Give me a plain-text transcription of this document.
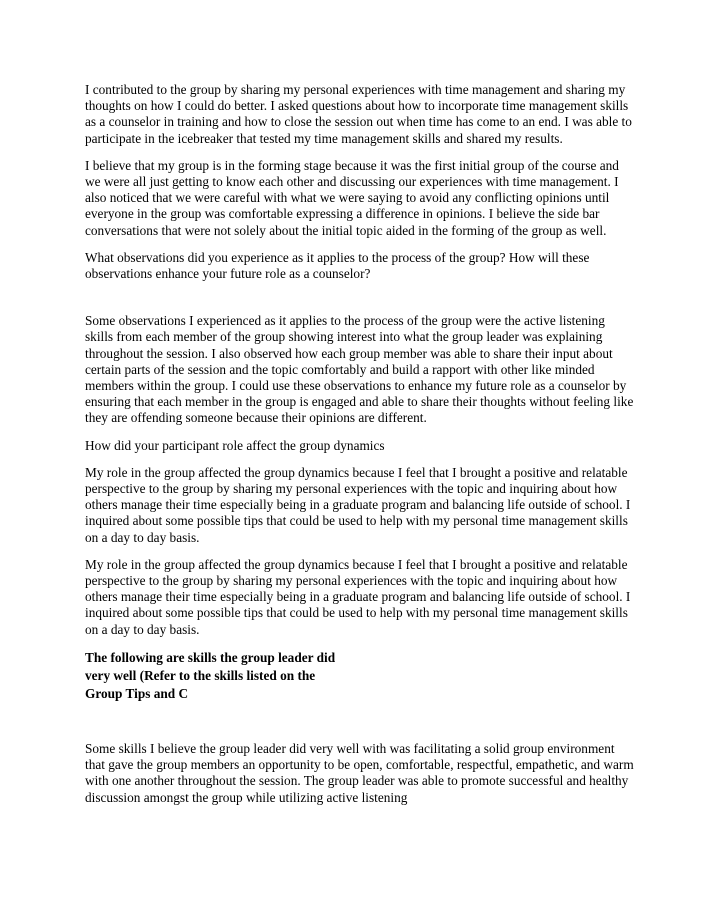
I contributed to the group by sharing my personal experiences with time management and sharing my thoughts on how I could do better. I asked questions about how to incorporate time management skills as a counselor in training and how to close the session out when time has come to an end. I was able to participate in the icebreaker that tested my time management skills and shared my results.

I believe that my group is in the forming stage because it was the first initial group of the course and we were all just getting to know each other and discussing our experiences with time management. I also noticed that we were careful with what we were saying to avoid any conflicting opinions until everyone in the group was comfortable expressing a difference in opinions. I believe the side bar conversations that were not solely about the initial topic aided in the forming of the group as well.

What observations did you experience as it applies to the process of the group? How will these observations enhance your future role as a counselor?

Some observations I experienced as it applies to the process of the group were the active listening skills from each member of the group showing interest into what the group leader was explaining throughout the session. I also observed how each group member was able to share their input about certain parts of the session and the topic comfortably and build a rapport with other like minded members within the group. I could use these observations to enhance my future role as a counselor by ensuring that each member in the group is engaged and able to share their thoughts without feeling like they are offending someone because their opinions are different.

How did your participant role affect the group dynamics

My role in the group affected the group dynamics because I feel that I brought a positive and relatable perspective to the group by sharing my personal experiences with the topic and inquiring about how others manage their time especially being in a graduate program and balancing life outside of school. I inquired about some possible tips that could be used to help with my personal time management skills on a day to day basis.

My role in the group affected the group dynamics because I feel that I brought a positive and relatable perspective to the group by sharing my personal experiences with the topic and inquiring about how others manage their time especially being in a graduate program and balancing life outside of school. I inquired about some possible tips that could be used to help with my personal time management skills on a day to day basis.

The following are skills the group leader did very well (Refer to the skills listed on the Group Tips and C

Some skills I believe the group leader did very well with was facilitating a solid group environment that gave the group members an opportunity to be open, comfortable, respectful, empathetic, and warm with one another throughout the session. The group leader was able to promote successful and healthy discussion amongst the group while utilizing active listening
